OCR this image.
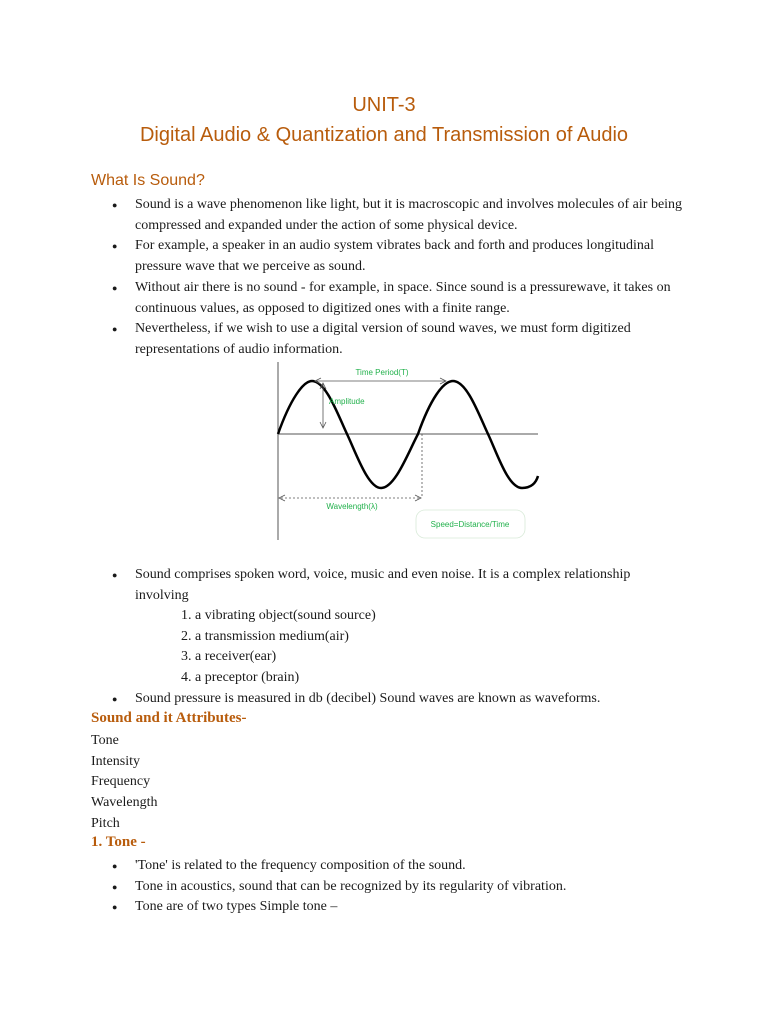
UNIT-3
Digital Audio & Quantization and Transmission of Audio
What Is Sound?
● Sound is a wave phenomenon like light, but it is macroscopic and involves molecules of air being compressed and expanded under the action of some physical device.
● For example, a speaker in an audio system vibrates back and forth and produces longitudinal pressure wave that we perceive as sound.
● Without air there is no sound - for example, in space. Since sound is a pressurewave, it takes on continuous values, as opposed to digitized ones with a finite range.
● Nevertheless, if we wish to use a digital version of sound waves, we must form digitized representations of audio information.
Time Period(T)
Amplitude
Wavelength(λ)
Speed=Distance/Time
● Sound comprises spoken word, voice, music and even noise. It is a complex relationship involving
1. a vibrating object(sound source)
2. a transmission medium(air)
3. a receiver(ear)
4. a preceptor (brain)
● Sound pressure is measured in db (decibel) Sound waves are known as waveforms.
Sound and it Attributes-
Tone
Intensity
Frequency
Wavelength
Pitch
1. Tone -
● 'Tone' is related to the frequency composition of the sound.
● Tone in acoustics, sound that can be recognized by its regularity of vibration.
● Tone are of two types Simple tone –
